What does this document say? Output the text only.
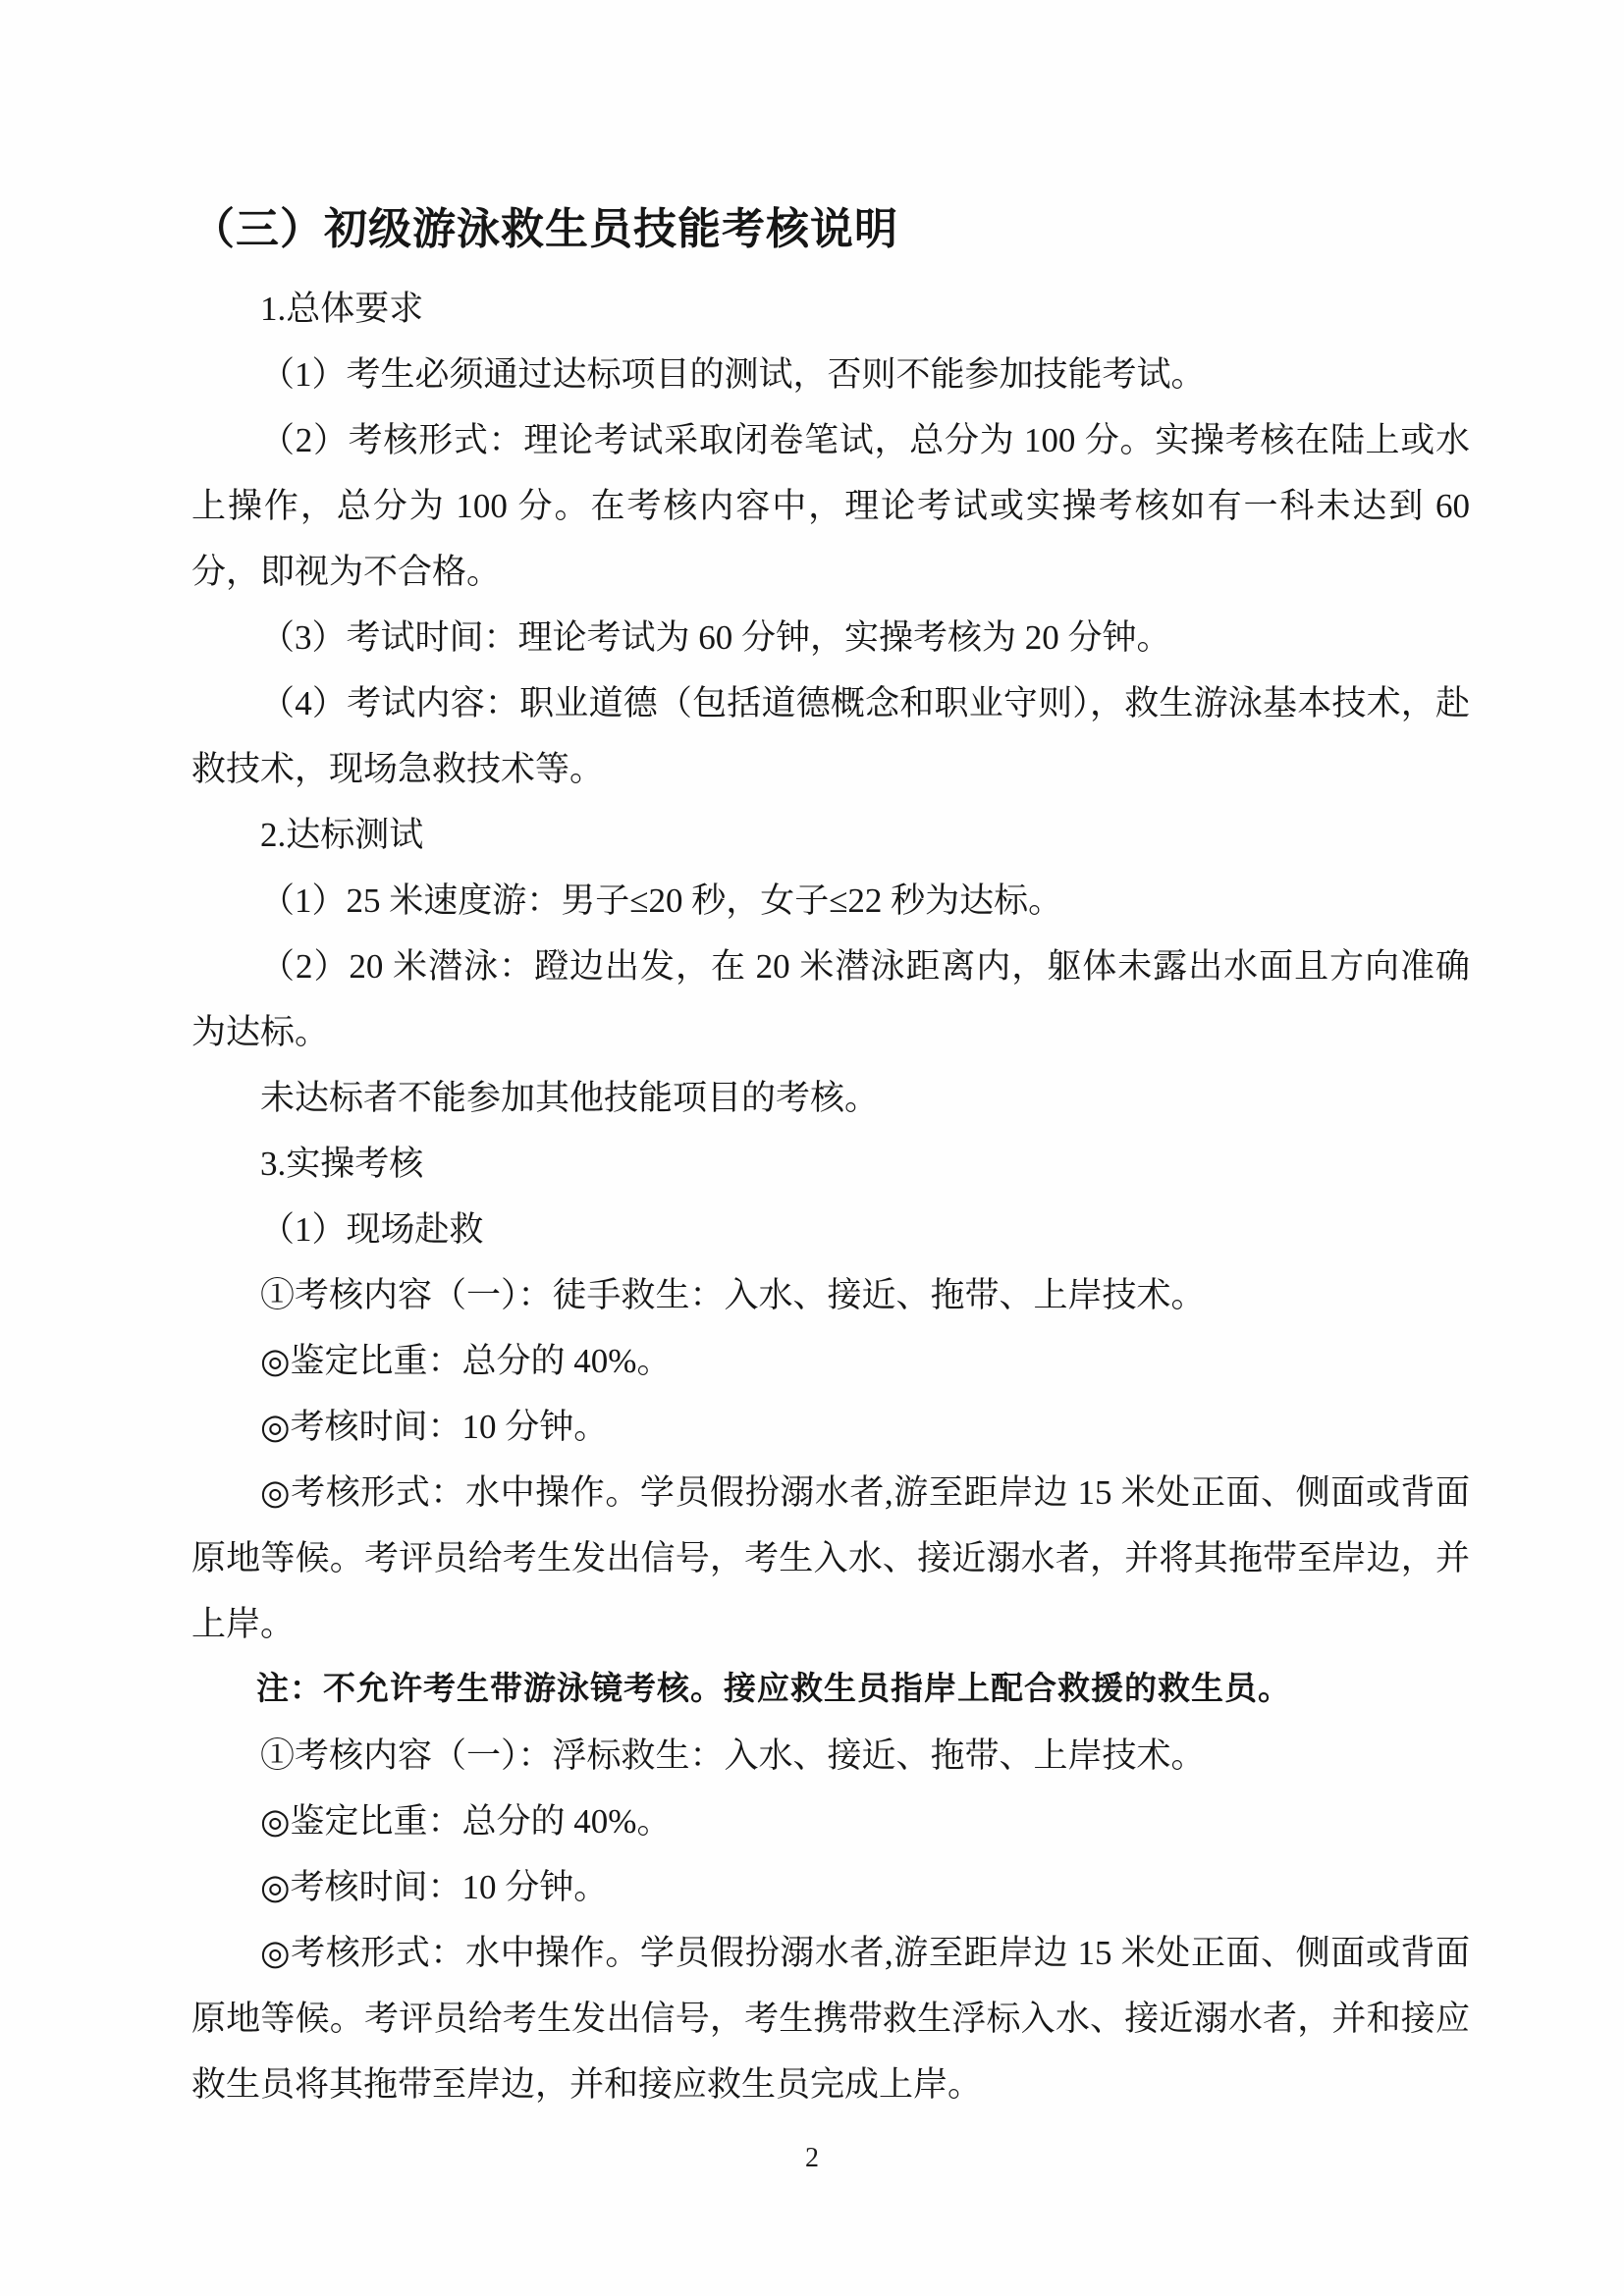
（三）初级游泳救生员技能考核说明

1.总体要求

（1）考生必须通过达标项目的测试，否则不能参加技能考试。

（2）考核形式：理论考试采取闭卷笔试，总分为 100 分。实操考核在陆上或水上操作，总分为 100 分。在考核内容中，理论考试或实操考核如有一科未达到 60 分，即视为不合格。

（3）考试时间：理论考试为 60 分钟，实操考核为 20 分钟。

（4）考试内容：职业道德（包括道德概念和职业守则），救生游泳基本技术，赴救技术，现场急救技术等。

2.达标测试

（1）25 米速度游：男子≤20 秒，女子≤22 秒为达标。

（2）20 米潜泳：蹬边出发，在 20 米潜泳距离内，躯体未露出水面且方向准确为达标。

未达标者不能参加其他技能项目的考核。

3.实操考核

（1）现场赴救

①考核内容（一）：徒手救生：入水、接近、拖带、上岸技术。

◎鉴定比重：总分的 40%。

◎考核时间：10 分钟。

◎考核形式：水中操作。学员假扮溺水者,游至距岸边 15 米处正面、侧面或背面原地等候。考评员给考生发出信号，考生入水、接近溺水者，并将其拖带至岸边，并上岸。

注：不允许考生带游泳镜考核。接应救生员指岸上配合救援的救生员。

①考核内容（一）：浮标救生：入水、接近、拖带、上岸技术。

◎鉴定比重：总分的 40%。

◎考核时间：10 分钟。

◎考核形式：水中操作。学员假扮溺水者,游至距岸边 15 米处正面、侧面或背面原地等候。考评员给考生发出信号，考生携带救生浮标入水、接近溺水者，并和接应救生员将其拖带至岸边，并和接应救生员完成上岸。

2
